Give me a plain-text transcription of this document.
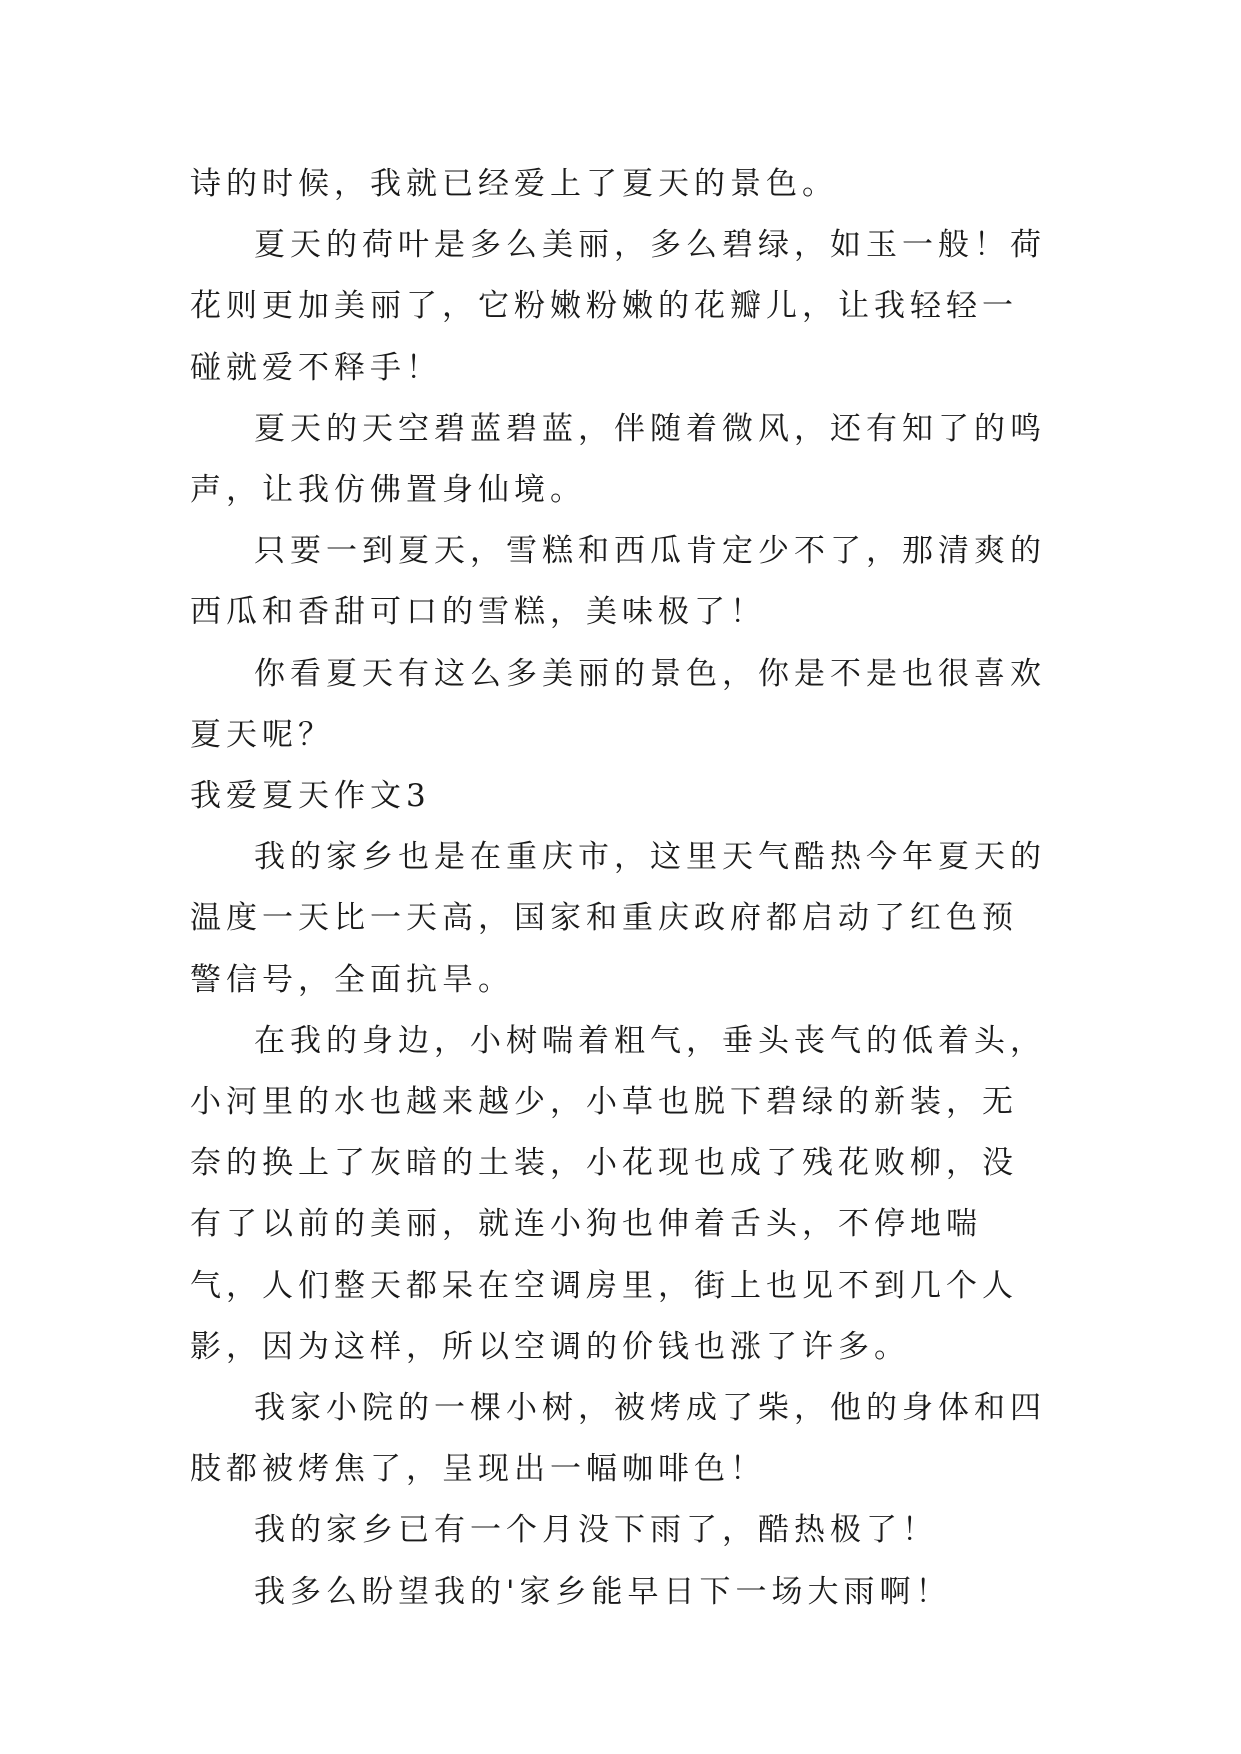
诗的时候，我就已经爱上了夏天的景色。

夏天的荷叶是多么美丽，多么碧绿，如玉一般！荷花则更加美丽了，它粉嫩粉嫩的花瓣儿，让我轻轻一碰就爱不释手！

夏天的天空碧蓝碧蓝，伴随着微风，还有知了的鸣声，让我仿佛置身仙境。

只要一到夏天，雪糕和西瓜肯定少不了，那清爽的西瓜和香甜可口的雪糕，美味极了！

你看夏天有这么多美丽的景色，你是不是也很喜欢夏天呢？

我爱夏天作文3

我的家乡也是在重庆市，这里天气酷热今年夏天的温度一天比一天高，国家和重庆政府都启动了红色预警信号，全面抗旱。

在我的身边，小树喘着粗气，垂头丧气的低着头，小河里的水也越来越少，小草也脱下碧绿的新装，无奈的换上了灰暗的土装，小花现也成了残花败柳，没有了以前的美丽，就连小狗也伸着舌头，不停地喘气，人们整天都呆在空调房里，街上也见不到几个人影，因为这样，所以空调的价钱也涨了许多。

我家小院的一棵小树，被烤成了柴，他的身体和四肢都被烤焦了，呈现出一幅咖啡色！

我的家乡已有一个月没下雨了，酷热极了！

我多么盼望我的'家乡能早日下一场大雨啊！
